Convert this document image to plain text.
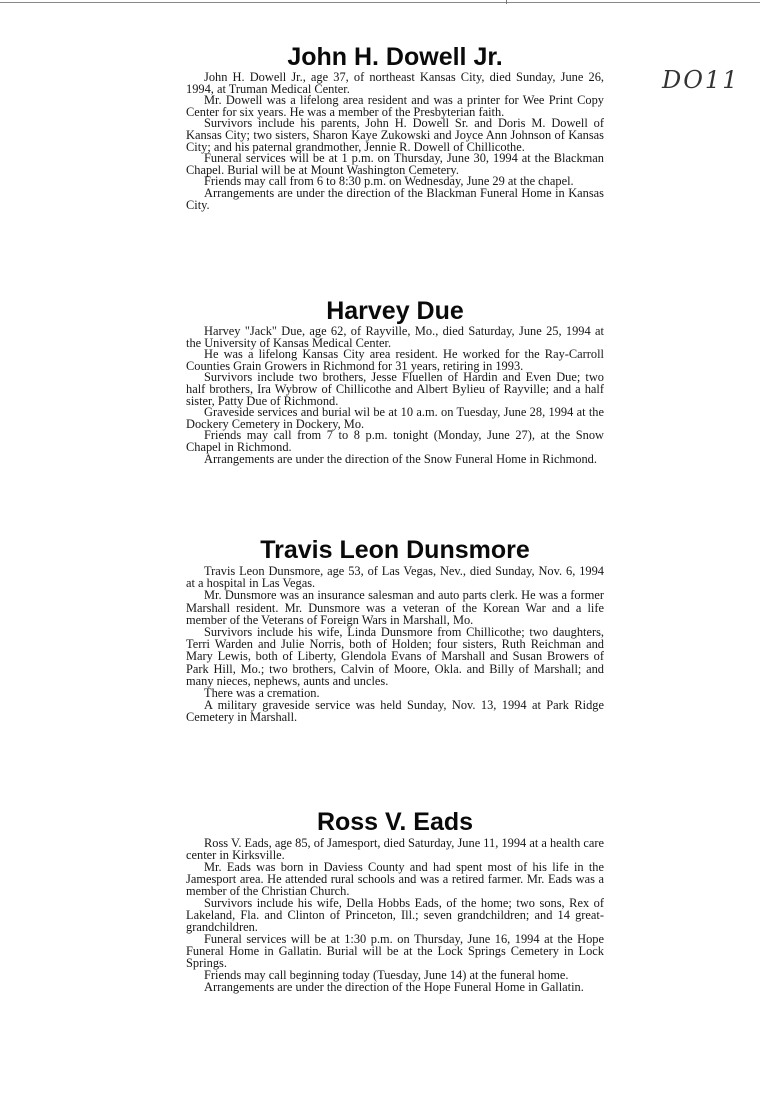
DO11
John H. Dowell Jr.

John H. Dowell Jr., age 37, of northeast Kansas City, died Sunday, June 26, 1994, at Truman Medical Center.

Mr. Dowell was a lifelong area resident and was a printer for Wee Print Copy Center for six years. He was a member of the Presbyterian faith.

Survivors include his parents, John H. Dowell Sr. and Doris M. Dowell of Kansas City; two sisters, Sharon Kaye Zukowski and Joyce Ann Johnson of Kansas City; and his paternal grandmother, Jennie R. Dowell of Chillicothe.

Funeral services will be at 1 p.m. on Thursday, June 30, 1994 at the Blackman Chapel. Burial will be at Mount Washington Cemetery.

Friends may call from 6 to 8:30 p.m. on Wednesday, June 29 at the chapel.

Arrangements are under the direction of the Blackman Funeral Home in Kansas City.

Harvey Due

Harvey "Jack" Due, age 62, of Rayville, Mo., died Saturday, June 25, 1994 at the University of Kansas Medical Center.

He was a lifelong Kansas City area resident. He worked for the Ray-Carroll Counties Grain Growers in Richmond for 31 years, retiring in 1993.

Survivors include two brothers, Jesse Fluellen of Hardin and Even Due; two half brothers, Ira Wybrow of Chillicothe and Albert Bylieu of Rayville; and a half sister, Patty Due of Richmond.

Graveside services and burial wil be at 10 a.m. on Tuesday, June 28, 1994 at the Dockery Cemetery in Dockery, Mo.

Friends may call from 7 to 8 p.m. tonight (Monday, June 27), at the Snow Chapel in Richmond.

Arrangements are under the direction of the Snow Funeral Home in Richmond.

Travis Leon Dunsmore

Travis Leon Dunsmore, age 53, of Las Vegas, Nev., died Sunday, Nov. 6, 1994 at a hospital in Las Vegas.

Mr. Dunsmore was an insurance salesman and auto parts clerk. He was a former Marshall resident. Mr. Dunsmore was a veteran of the Korean War and a life member of the Veterans of Foreign Wars in Marshall, Mo.

Survivors include his wife, Linda Dunsmore from Chillicothe; two daughters, Terri Warden and Julie Norris, both of Holden; four sisters, Ruth Reichman and Mary Lewis, both of Liberty, Glendola Evans of Marshall and Susan Browers of Park Hill, Mo.; two brothers, Calvin of Moore, Okla. and Billy of Marshall; and many nieces, nephews, aunts and uncles.

There was a cremation.

A military graveside service was held Sunday, Nov. 13, 1994 at Park Ridge Cemetery in Marshall.

Ross V. Eads

Ross V. Eads, age 85, of Jamesport, died Saturday, June 11, 1994 at a health care center in Kirksville.

Mr. Eads was born in Daviess County and had spent most of his life in the Jamesport area. He attended rural schools and was a retired farmer. Mr. Eads was a member of the Christian Church.

Survivors include his wife, Della Hobbs Eads, of the home; two sons, Rex of Lakeland, Fla. and Clinton of Princeton, Ill.; seven grandchildren; and 14 great-grandchildren.

Funeral services will be at 1:30 p.m. on Thursday, June 16, 1994 at the Hope Funeral Home in Gallatin. Burial will be at the Lock Springs Cemetery in Lock Springs.

Friends may call beginning today (Tuesday, June 14) at the funeral home.

Arrangements are under the direction of the Hope Funeral Home in Gallatin.
